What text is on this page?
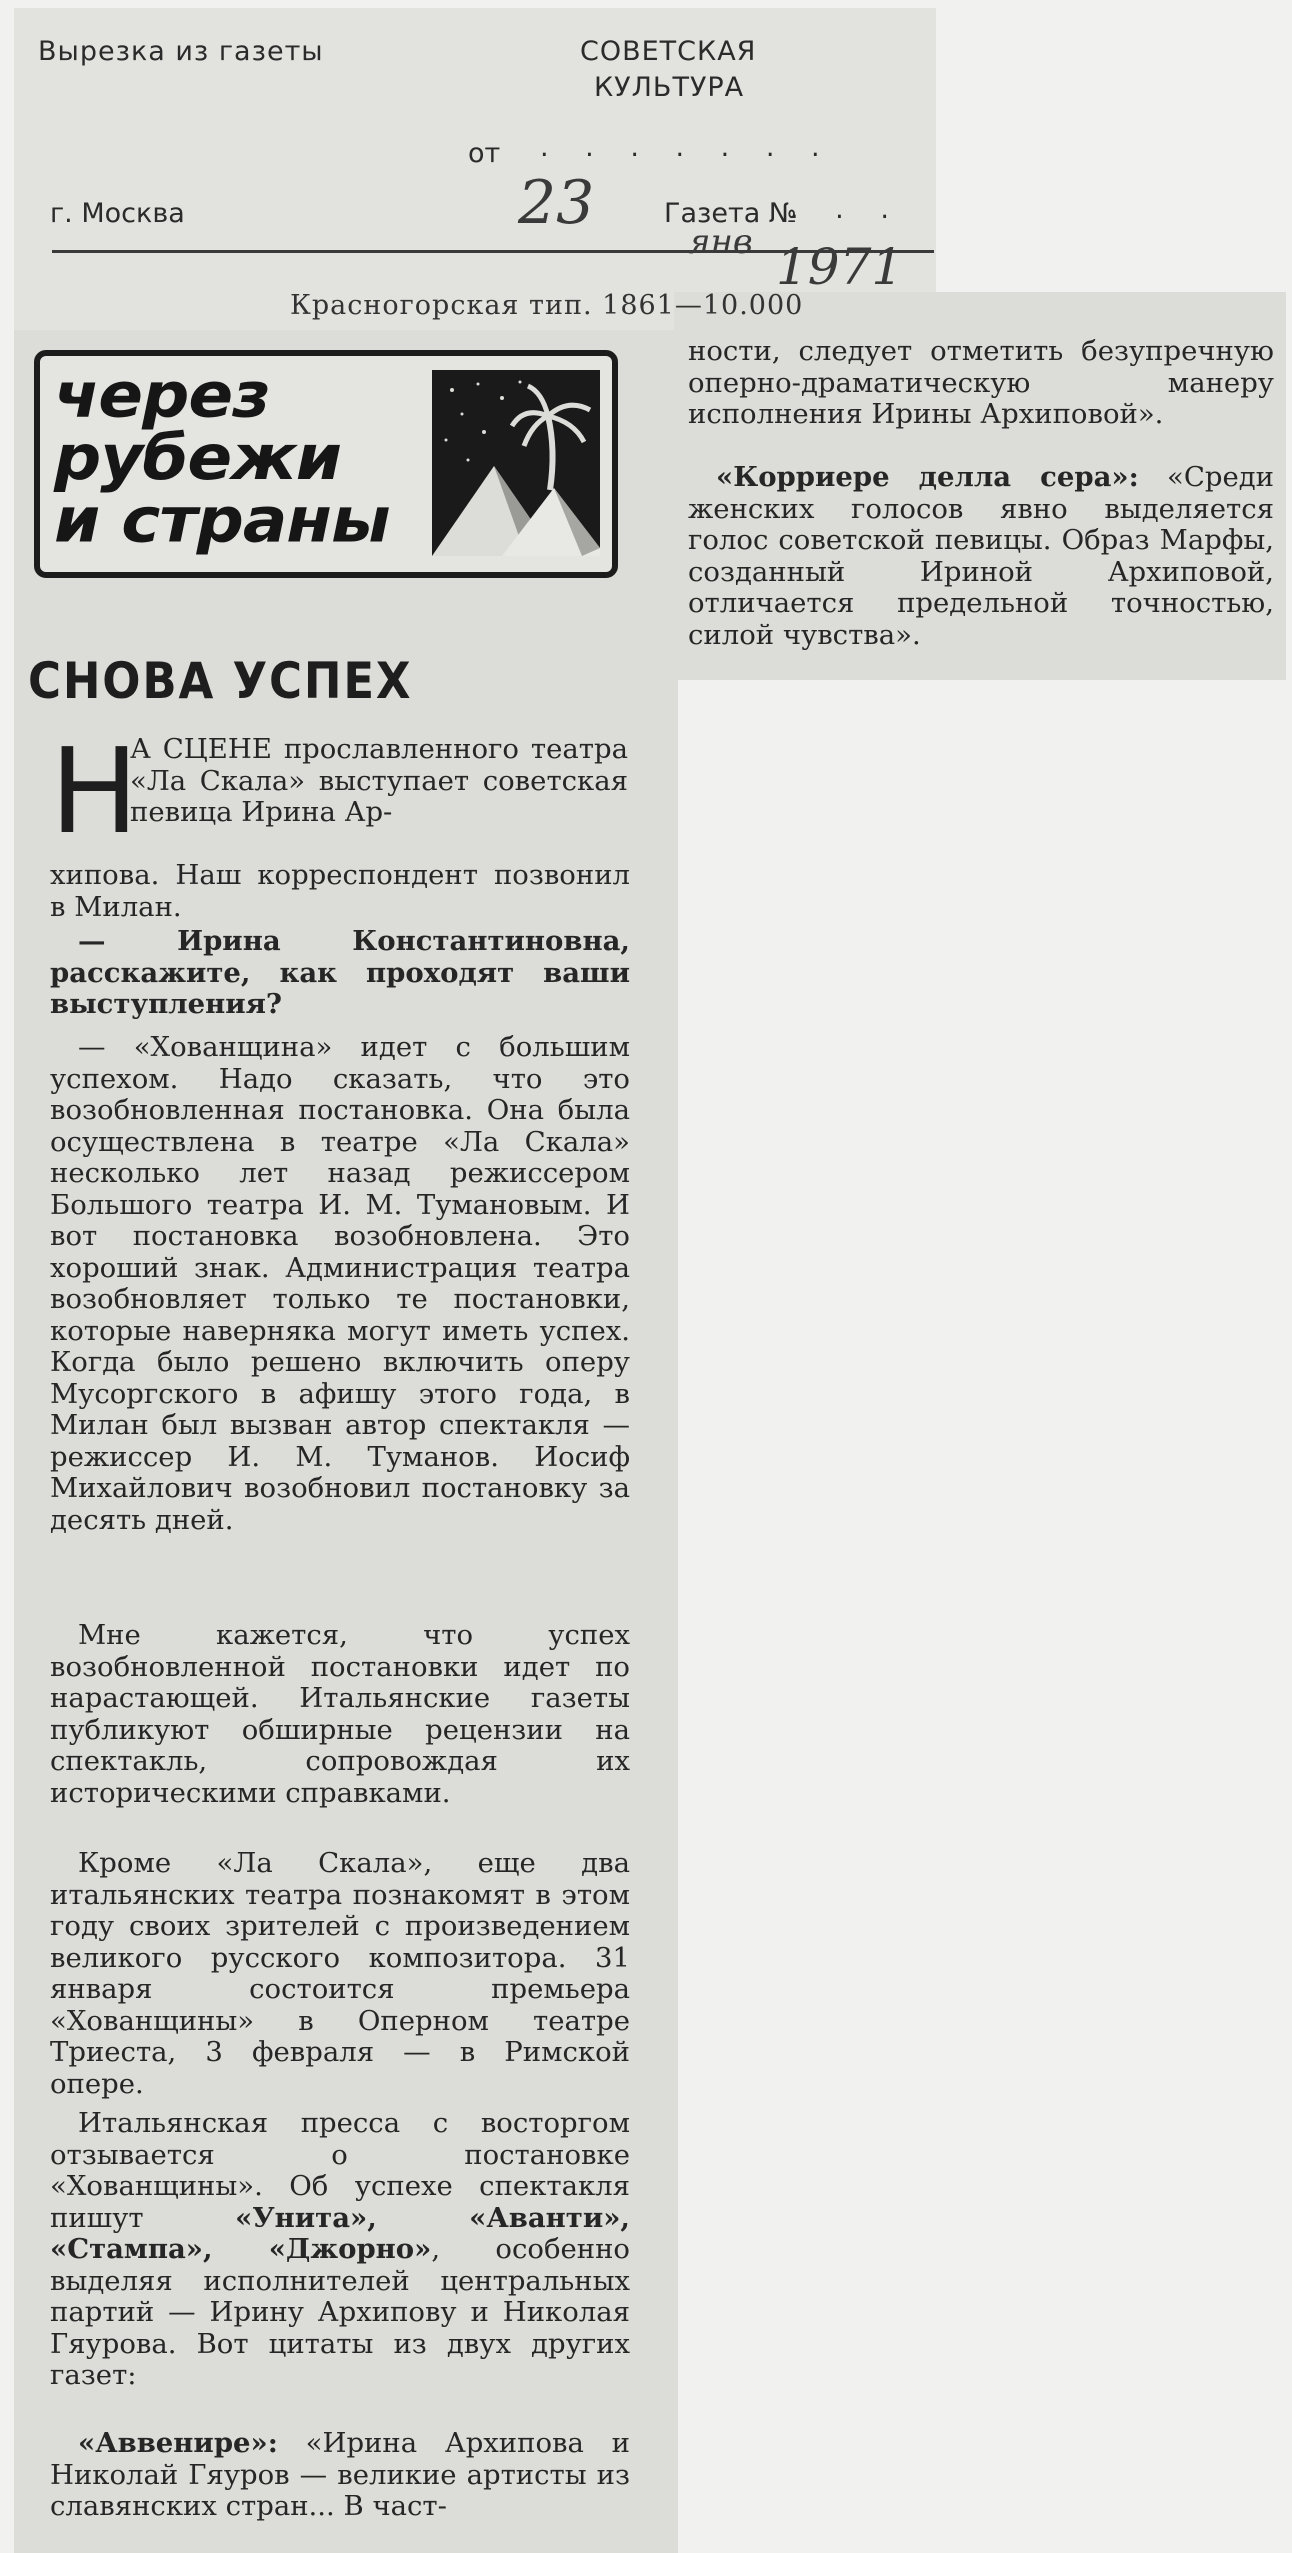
Вырезка из газеты	СОВЕТСКАЯ
КУЛЬТУРА
от . . . . . . .
г. Москва	Газета №
. . .
Красногорская тип. 1861—10.000
23
янв 1971
через
рубежи
и страны
СНОВА УСПЕХ
Н
А СЦЕНЕ прославленного театра «Ла Скала» выступает советская певица Ирина Ар-
хипова. Наш корреспондент позвонил в Милан.
— Ирина Константиновна, расскажите, как проходят ваши выступления?
— «Хованщина» идет с большим успехом. Надо сказать, что это возобновленная постановка. Она была осуществлена в театре «Ла Скала» несколько лет назад режиссером Большого театра И. М. Тумановым. И вот постановка возобновлена. Это хороший знак. Администрация театра возобновляет только те постановки, которые наверняка могут иметь успех. Когда было решено включить оперу Мусоргского в афишу этого года, в Милан был вызван автор спектакля — режиссер И. М. Туманов. Иосиф Михайлович возобновил постановку за десять дней.
Мне кажется, что успех возобновленной постановки идет по нарастающей. Итальянские газеты публикуют обширные рецензии на спектакль, сопровождая их историческими справками.
Кроме «Ла Скала», еще два итальянских театра познакомят в этом году своих зрителей с произведением великого русского композитора. 31 января состоится премьера «Хованщины» в Оперном театре Триеста, 3 февраля — в Римской опере.
Итальянская пресса с восторгом отзывается о постановке «Хованщины». Об успехе спектакля пишут «Унита», «Аванти», «Стампа», «Джорно», особенно выделяя исполнителей центральных партий — Ирину Архипову и Николая Гяурова. Вот цитаты из двух других газет:
«Аввенире»: «Ирина Архипова и Николай Гяуров — великие артисты из славянских стран... В част-
ности, следует отметить безупречную оперно-драматическую манеру исполнения Ирины Архиповой».
«Корриере делла сера»: «Среди женских голосов явно выделяется голос советской певицы. Образ Марфы, созданный Ириной Архиповой, отличается предельной точностью, силой чувства».
